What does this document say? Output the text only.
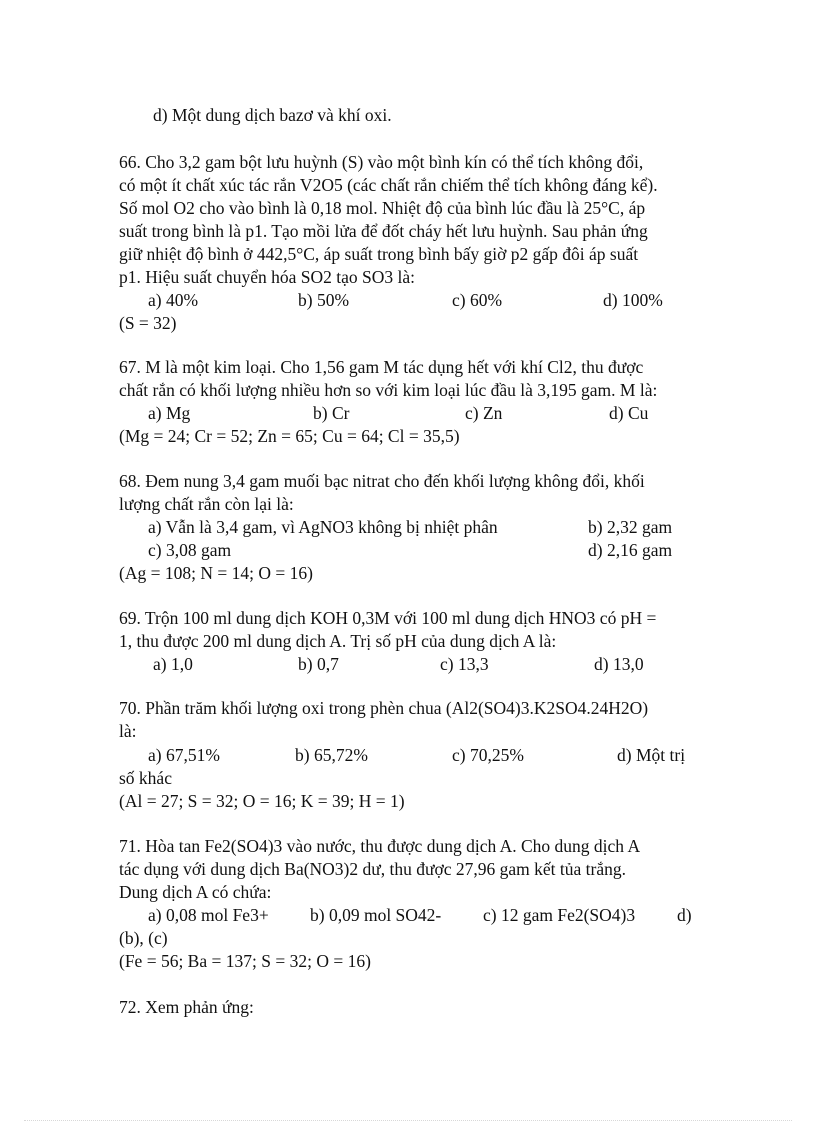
d) Một dung dịch bazơ và khí oxi.
66. Cho 3,2 gam bột lưu huỳnh (S) vào một bình kín có thể tích không đổi,
có một ít chất xúc tác rắn V2O5 (các chất rắn chiếm thể tích không đáng kể).
Số mol O2 cho vào bình là 0,18 mol. Nhiệt độ của bình lúc đầu là 25°C, áp
suất trong bình là p1. Tạo mồi lửa để đốt cháy hết lưu huỳnh. Sau phản ứng
giữ nhiệt độ bình ở 442,5°C, áp suất trong bình bấy giờ p2 gấp đôi áp suất
p1. Hiệu suất chuyển hóa SO2 tạo SO3 là:
a) 40%	b) 50%	c) 60%	d) 100%
(S = 32)
67. M là một kim loại. Cho 1,56 gam M tác dụng hết với khí Cl2, thu được
chất rắn có khối lượng nhiều hơn so với kim loại lúc đầu là 3,195 gam. M là:
a) Mg	b) Cr	c) Zn	d) Cu
(Mg = 24; Cr = 52; Zn = 65; Cu = 64; Cl = 35,5)
68. Đem nung 3,4 gam muối bạc nitrat cho đến khối lượng không đổi, khối
lượng chất rắn còn lại là:
a) Vẫn là 3,4 gam, vì AgNO3 không bị nhiệt phân	b) 2,32 gam
c) 3,08 gam	d) 2,16 gam
(Ag = 108; N = 14; O = 16)
69. Trộn 100 ml dung dịch KOH 0,3M với 100 ml dung dịch HNO3 có pH =
1, thu được 200 ml dung dịch A. Trị số pH của dung dịch A là:
a) 1,0	b) 0,7	c) 13,3	d) 13,0
70. Phần trăm khối lượng oxi trong phèn chua (Al2(SO4)3.K2SO4.24H2O)
là:
a) 67,51%	b) 65,72%	c) 70,25%	d) Một trị
số khác
(Al = 27; S = 32; O = 16; K = 39; H = 1)
71. Hòa tan Fe2(SO4)3 vào nước, thu được dung dịch A. Cho dung dịch A
tác dụng với dung dịch Ba(NO3)2 dư, thu được 27,96 gam kết tủa trắng.
Dung dịch A có chứa:
a) 0,08 mol Fe3+ b) 0,09 mol SO42- c) 12 gam Fe2(SO4)3 d)
(b), (c)
(Fe = 56; Ba = 137; S = 32; O = 16)
72. Xem phản ứng:
